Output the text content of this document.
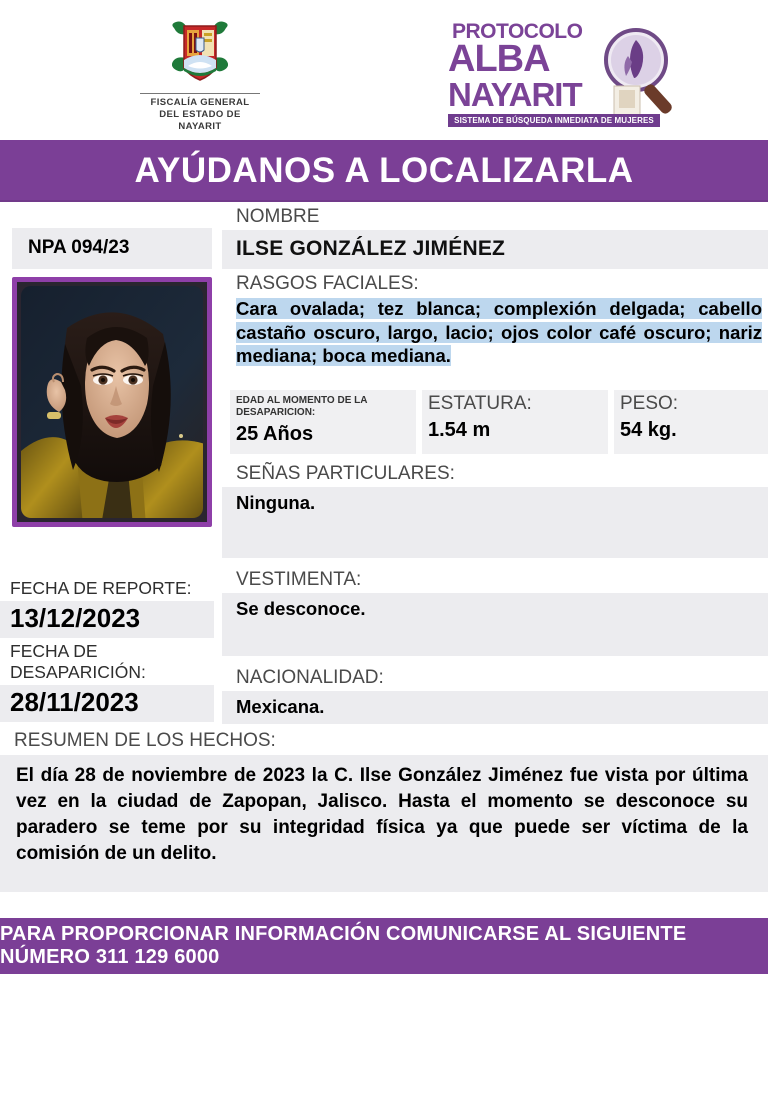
FISCALÍA GENERAL
DEL ESTADO DE
NAYARIT
PROTOCOLO
ALBA
NAYARIT
SISTEMA DE BÚSQUEDA INMEDIATA DE MUJERES
AYÚDANOS A LOCALIZARLA
NPA 094/23
NOMBRE
ILSE GONZÁLEZ JIMÉNEZ
FECHA DE REPORTE:
13/12/2023
FECHA DE DESAPARICIÓN:
28/11/2023
RASGOS FACIALES:
Cara ovalada; tez blanca; complexión delgada; cabello castaño oscuro, largo, lacio; ojos color café oscuro; nariz mediana; boca mediana.
EDAD AL MOMENTO DE LA DESAPARICION:
25 Años
ESTATURA:
1.54 m
PESO:
54 kg.
SEÑAS PARTICULARES:
Ninguna.
VESTIMENTA:
Se desconoce.
NACIONALIDAD:
Mexicana.
RESUMEN DE LOS HECHOS:
El día 28 de noviembre de 2023 la C. Ilse González Jiménez fue vista por última vez en la ciudad de Zapopan, Jalisco. Hasta el momento se desconoce su paradero se teme por su integridad física ya que puede ser víctima de la comisión de un delito.
PARA PROPORCIONAR INFORMACIÓN COMUNICARSE AL SIGUIENTE NÚMERO 311 129 6000
